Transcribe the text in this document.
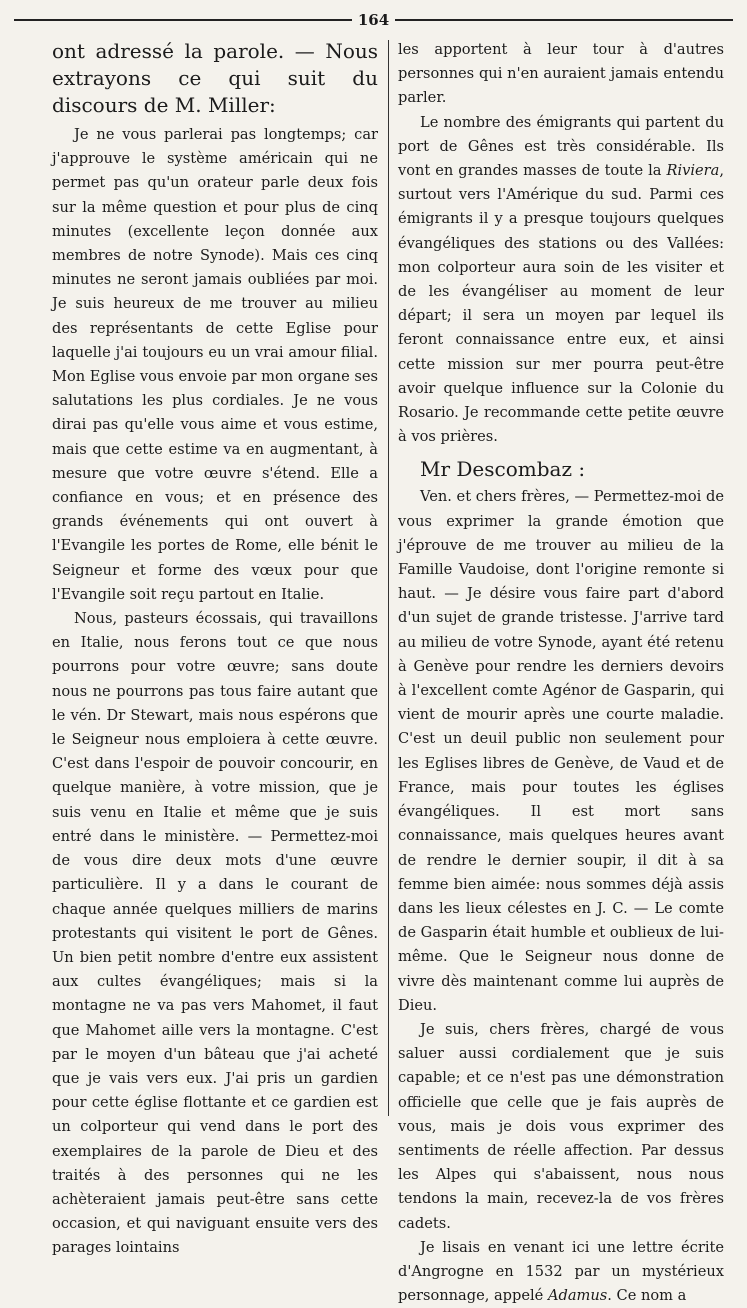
164

ont adressé la parole. — Nous extrayons ce qui suit du discours de M. Miller:

Je ne vous parlerai pas longtemps; car j'approuve le système américain qui ne permet pas qu'un orateur parle deux fois sur la même question et pour plus de cinq minutes (excellente leçon donnée aux membres de notre Synode). Mais ces cinq minutes ne seront jamais oubliées par moi. Je suis heureux de me trouver au milieu des représentants de cette Eglise pour laquelle j'ai toujours eu un vrai amour filial. Mon Eglise vous envoie par mon organe ses salutations les plus cordiales. Je ne vous dirai pas qu'elle vous aime et vous estime, mais que cette estime va en augmentant, à mesure que votre œuvre s'étend. Elle a confiance en vous; et en présence des grands événements qui ont ouvert à l'Evangile les portes de Rome, elle bénit le Seigneur et forme des vœux pour que l'Evangile soit reçu partout en Italie.

Nous, pasteurs écossais, qui travaillons en Italie, nous ferons tout ce que nous pourrons pour votre œuvre; sans doute nous ne pourrons pas tous faire autant que le vén. Dr Stewart, mais nous espérons que le Seigneur nous emploiera à cette œuvre. C'est dans l'espoir de pouvoir concourir, en quelque manière, à votre mission, que je suis venu en Italie et même que je suis entré dans le ministère. — Permettez-moi de vous dire deux mots d'une œuvre particulière. Il y a dans le courant de chaque année quelques milliers de marins protestants qui visitent le port de Gênes. Un bien petit nombre d'entre eux assistent aux cultes évangéliques; mais si la montagne ne va pas vers Mahomet, il faut que Mahomet aille vers la montagne. C'est par le moyen d'un bâteau que j'ai acheté que je vais vers eux. J'ai pris un gardien pour cette église flottante et ce gardien est un colporteur qui vend dans le port des exemplaires de la parole de Dieu et des traités à des personnes qui ne les achèteraient jamais peut-être sans cette occasion, et qui naviguant ensuite vers des parages lointains

les apportent à leur tour à d'autres personnes qui n'en auraient jamais entendu parler.

Le nombre des émigrants qui partent du port de Gênes est très considérable. Ils vont en grandes masses de toute la Riviera, surtout vers l'Amérique du sud. Parmi ces émigrants il y a presque toujours quelques évangéliques des stations ou des Vallées: mon colporteur aura soin de les visiter et de les évangéliser au moment de leur départ; il sera un moyen par lequel ils feront connaissance entre eux, et ainsi cette mission sur mer pourra peut-être avoir quelque influence sur la Colonie du Rosario. Je recommande cette petite œuvre à vos prières.

Mr Descombaz :

Ven. et chers frères, — Permettez-moi de vous exprimer la grande émotion que j'éprouve de me trouver au milieu de la Famille Vaudoise, dont l'origine remonte si haut. — Je désire vous faire part d'abord d'un sujet de grande tristesse. J'arrive tard au milieu de votre Synode, ayant été retenu à Genève pour rendre les derniers devoirs à l'excellent comte Agénor de Gasparin, qui vient de mourir après une courte maladie. C'est un deuil public non seulement pour les Eglises libres de Genève, de Vaud et de France, mais pour toutes les églises évangéliques. Il est mort sans connaissance, mais quelques heures avant de rendre le dernier soupir, il dit à sa femme bien aimée: nous sommes déjà assis dans les lieux célestes en J. C. — Le comte de Gasparin était humble et oublieux de lui-même. Que le Seigneur nous donne de vivre dès maintenant comme lui auprès de Dieu.

Je suis, chers frères, chargé de vous saluer aussi cordialement que je suis capable; et ce n'est pas une démonstration officielle que celle que je fais auprès de vous, mais je dois vous exprimer des sentiments de réelle affection. Par dessus les Alpes qui s'abaissent, nous nous tendons la main, recevez-la de vos frères cadets.

Je lisais en venant ici une lettre écrite d'Angrogne en 1532 par un mystérieux personnage, appelé Adamus. Ce nom a
